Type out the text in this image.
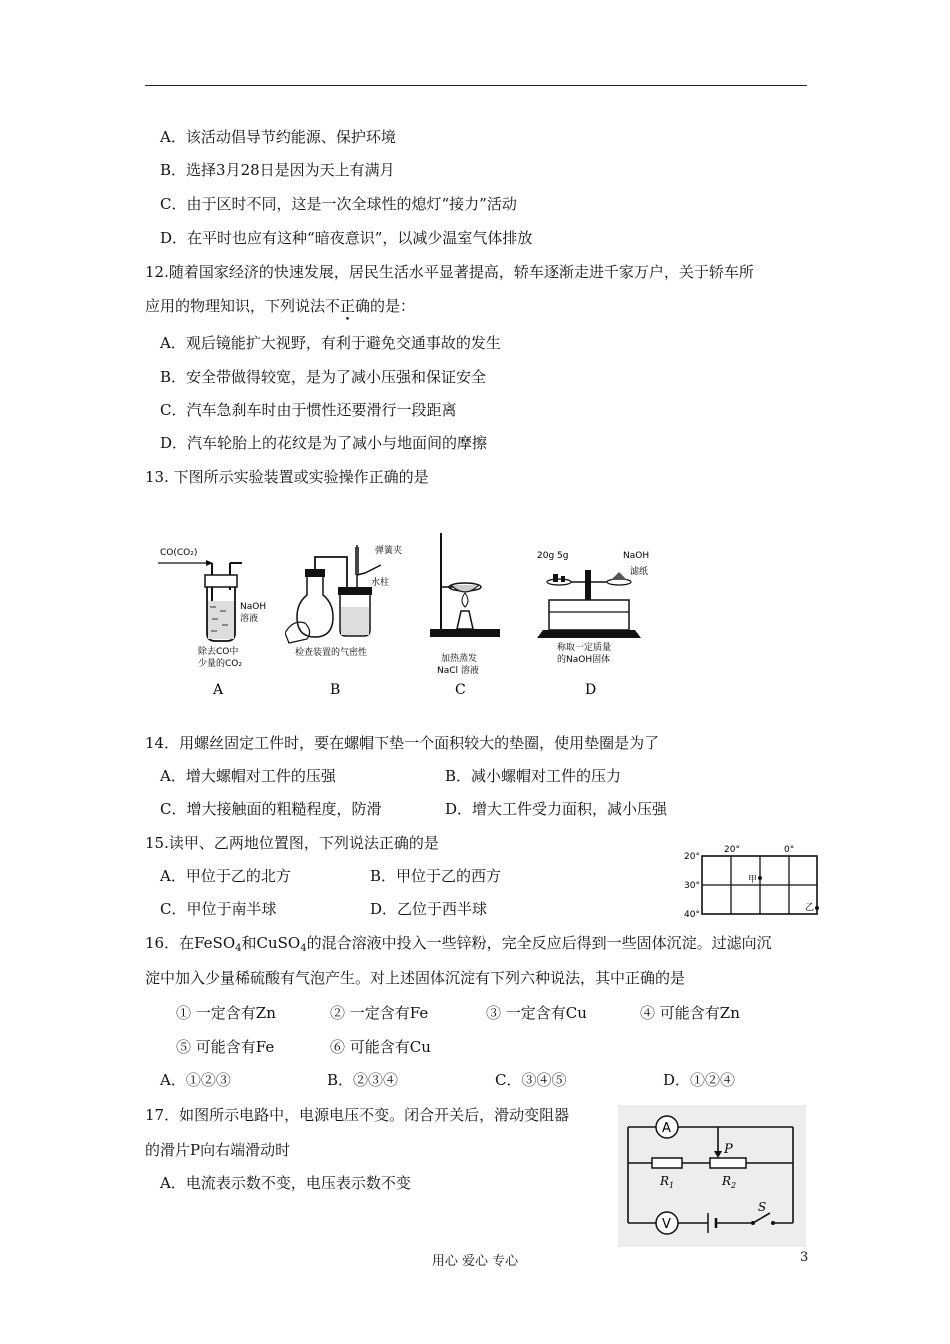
A．该活动倡导节约能源、保护环境
B．选择3月28日是因为天上有满月
C．由于区时不同，这是一次全球性的熄灯“接力”活动
D．在平时也应有这种“暗夜意识”，以减少温室气体排放
12.随着国家经济的快速发展，居民生活水平显著提高，轿车逐渐走进千家万户，关于轿车所
应用的物理知识，下列说法不正确的是：
A．观后镜能扩大视野，有利于避免交通事故的发生
B．安全带做得较宽，是为了减小压强和保证安全
C．汽车急刹车时由于惯性还要滑行一段距离
D．汽车轮胎上的花纹是为了减小与地面间的摩擦
13. 下图所示实验装置或实验操作正确的是
CO(CO₂)
NaOH
溶液
除去CO中
少量的CO₂
A
弹簧夹
水柱
检查装置的气密性
B
加热蒸发
NaCl 溶液
C
20g 5g	NaOH
滤纸
称取一定质量
的NaOH固体
D
14．用螺丝固定工件时，要在螺帽下垫一个面积较大的垫圈，使用垫圈是为了
A．增大螺帽对工件的压强	B．减小螺帽对工件的压力
C．增大接触面的粗糙程度，防滑	D．增大工件受力面积，减小压强
15.读甲、乙两地位置图，下列说法正确的是
A．甲位于乙的北方	B．甲位于乙的西方
C．甲位于南半球	D．乙位于西半球
20°
30°
40°
20°	0°
甲
乙
16．在FeSO$_4$和CuSO$_4$的混合溶液中投入一些锌粉，完全反应后得到一些固体沉淀。过滤向沉
淀中加入少量稀硫酸有气泡产生。对上述固体沉淀有下列六种说法，其中正确的是
① 一定含有Zn	② 一定含有Fe	③ 一定含有Cu	④ 可能含有Zn
⑤ 可能含有Fe	⑥ 可能含有Cu
A．①②③	B．②③④	C．③④⑤	D．①②④
17．如图所示电路中，电源电压不变。闭合开关后，滑动变阻器
的滑片P向右端滑动时
A．电流表示数不变，电压表示数不变
A
V
P
$R_1$	$R_2$
S
用心 爱心 专心	3
